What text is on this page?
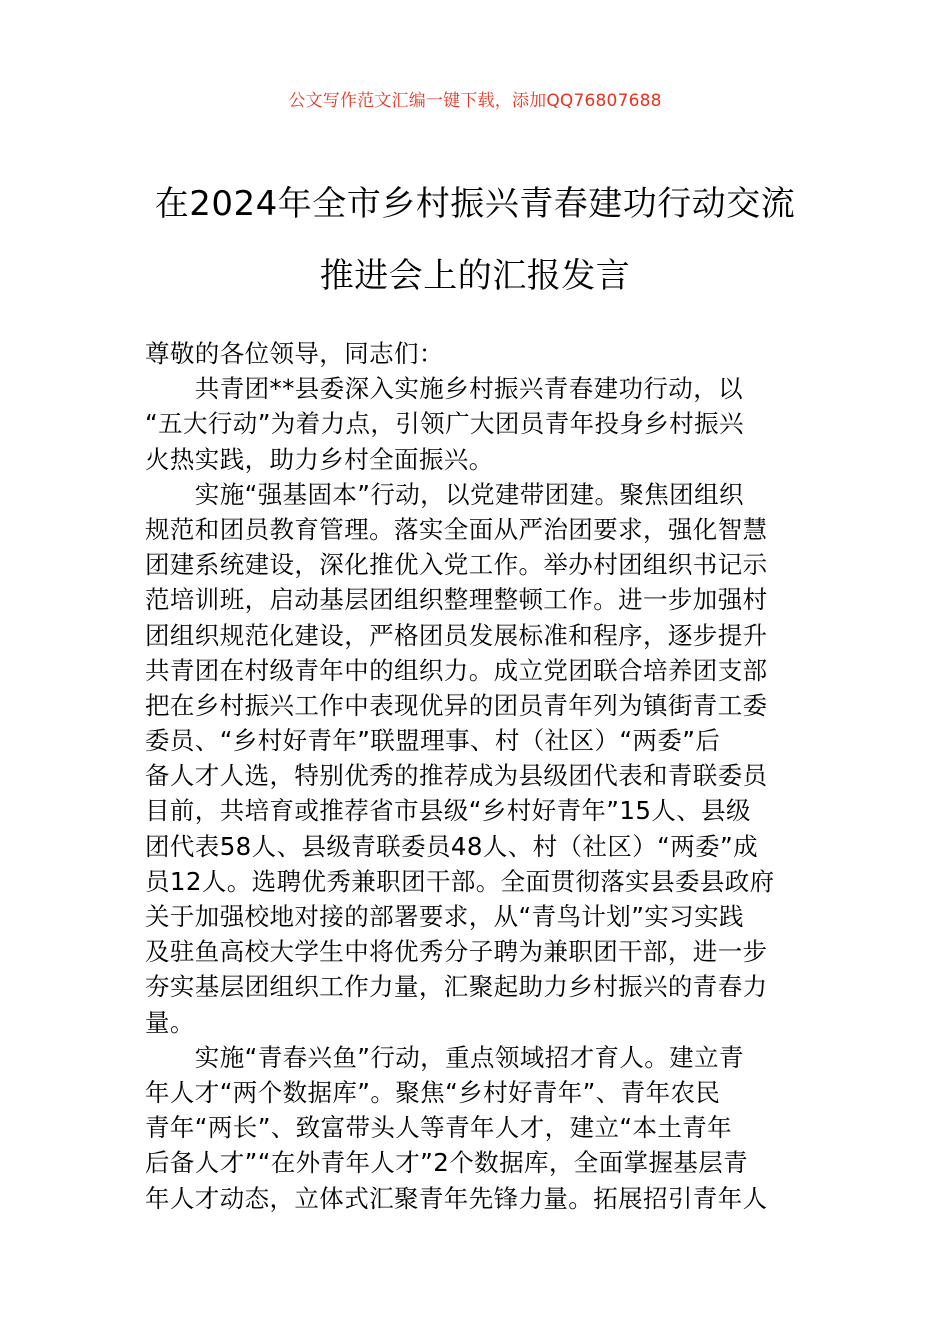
公文写作范文汇编一键下载，添加QQ76807688
在2024年全市乡村振兴青春建功行动交流
推进会上的汇报发言
尊敬的各位领导，同志们：
　　共青团**县委深入实施乡村振兴青春建功行动，以
“五大行动”为着力点，引领广大团员青年投身乡村振兴
火热实践，助力乡村全面振兴。
　　实施“强基固本”行动，以党建带团建。聚焦团组织
规范和团员教育管理。落实全面从严治团要求，强化智慧
团建系统建设，深化推优入党工作。举办村团组织书记示
范培训班，启动基层团组织整理整顿工作。进一步加强村
团组织规范化建设，严格团员发展标准和程序，逐步提升
共青团在村级青年中的组织力。成立党团联合培养团支部
把在乡村振兴工作中表现优异的团员青年列为镇街青工委
委员、“乡村好青年”联盟理事、村（社区）“两委”后
备人才人选，特别优秀的推荐成为县级团代表和青联委员
目前，共培育或推荐省市县级“乡村好青年”15人、县级
团代表58人、县级青联委员48人、村（社区）“两委”成
员12人。选聘优秀兼职团干部。全面贯彻落实县委县政府
关于加强校地对接的部署要求，从“青鸟计划”实习实践
及驻鱼高校大学生中将优秀分子聘为兼职团干部，进一步
夯实基层团组织工作力量，汇聚起助力乡村振兴的青春力
量。
　　实施“青春兴鱼”行动，重点领域招才育人。建立青
年人才“两个数据库”。聚焦“乡村好青年”、青年农民
青年“两长”、致富带头人等青年人才，建立“本土青年
后备人才”“在外青年人才”2个数据库，全面掌握基层青
年人才动态，立体式汇聚青年先锋力量。拓展招引青年人
